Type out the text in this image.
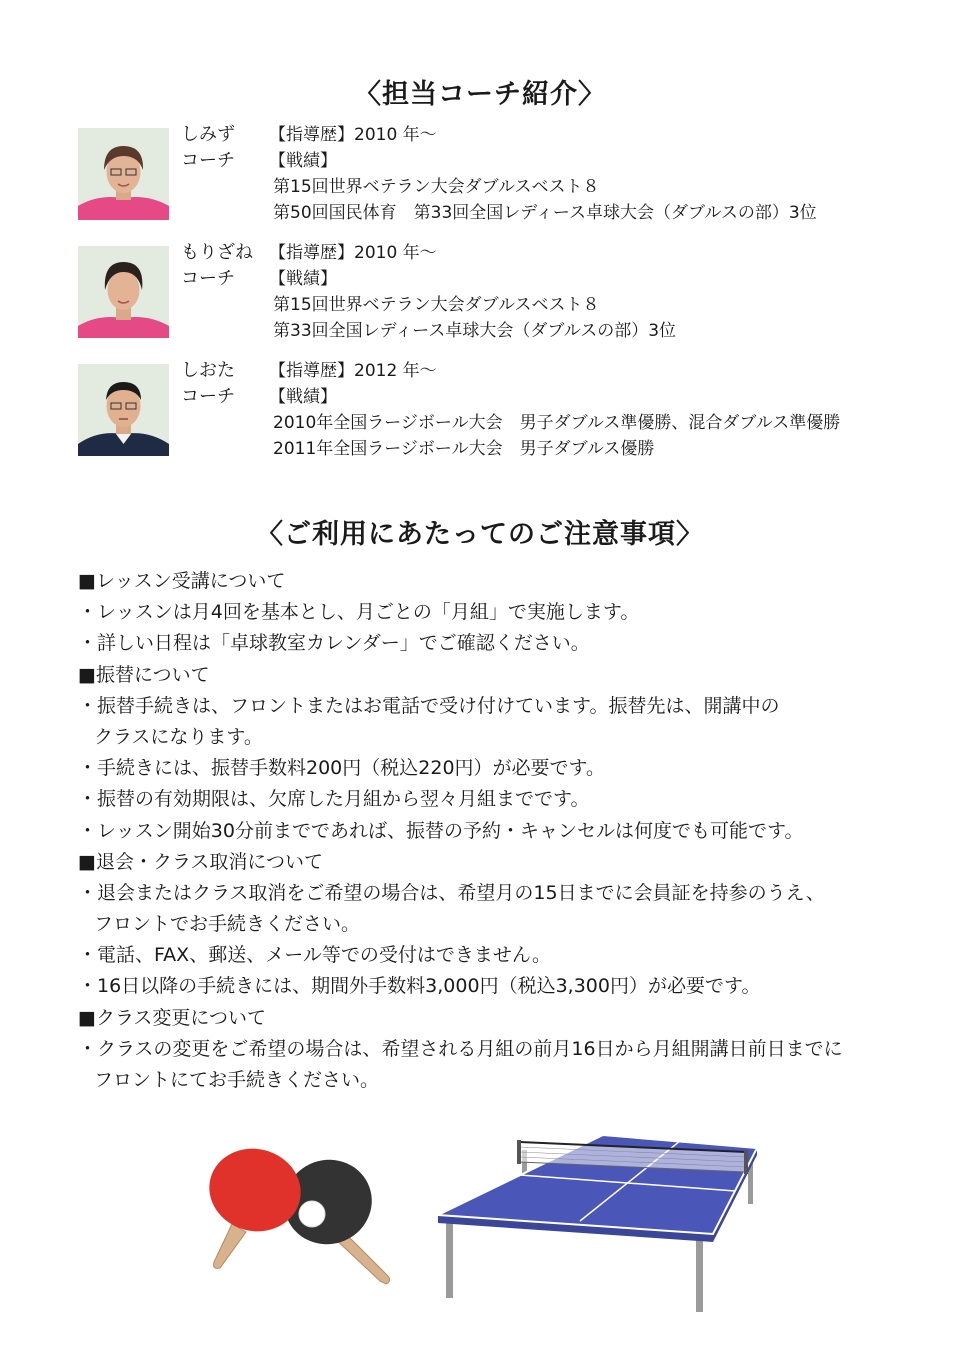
〈担当コーチ紹介〉
しみず
コーチ
【指導歴】2010 年～
【戦績】
第15回世界ベテラン大会ダブルスベスト８
第50回国民体育　第33回全国レディース卓球大会（ダブルスの部）3位
もりざね
コーチ
【指導歴】2010 年～
【戦績】
第15回世界ベテラン大会ダブルスベスト８
第33回全国レディース卓球大会（ダブルスの部）3位
しおた
コーチ
【指導歴】2012 年～
【戦績】
2010年全国ラージボール大会　男子ダブルス準優勝、混合ダブルス準優勝
2011年全国ラージボール大会　男子ダブルス優勝
〈ご利用にあたってのご注意事項〉
■レッスン受講について
・レッスンは月4回を基本とし、月ごとの「月組」で実施します。
・詳しい日程は「卓球教室カレンダー」でご確認ください。
■振替について
・振替手続きは、フロントまたはお電話で受け付けています。振替先は、開講中の
クラスになります。
・手続きには、振替手数料200円（税込220円）が必要です。
・振替の有効期限は、欠席した月組から翌々月組までです。
・レッスン開始30分前までであれば、振替の予約・キャンセルは何度でも可能です。
■退会・クラス取消について
・退会またはクラス取消をご希望の場合は、希望月の15日までに会員証を持参のうえ、
フロントでお手続きください。
・電話、FAX、郵送、メール等での受付はできません。
・16日以降の手続きには、期間外手数料3,000円（税込3,300円）が必要です。
■クラス変更について
・クラスの変更をご希望の場合は、希望される月組の前月16日から月組開講日前日までに
フロントにてお手続きください。
